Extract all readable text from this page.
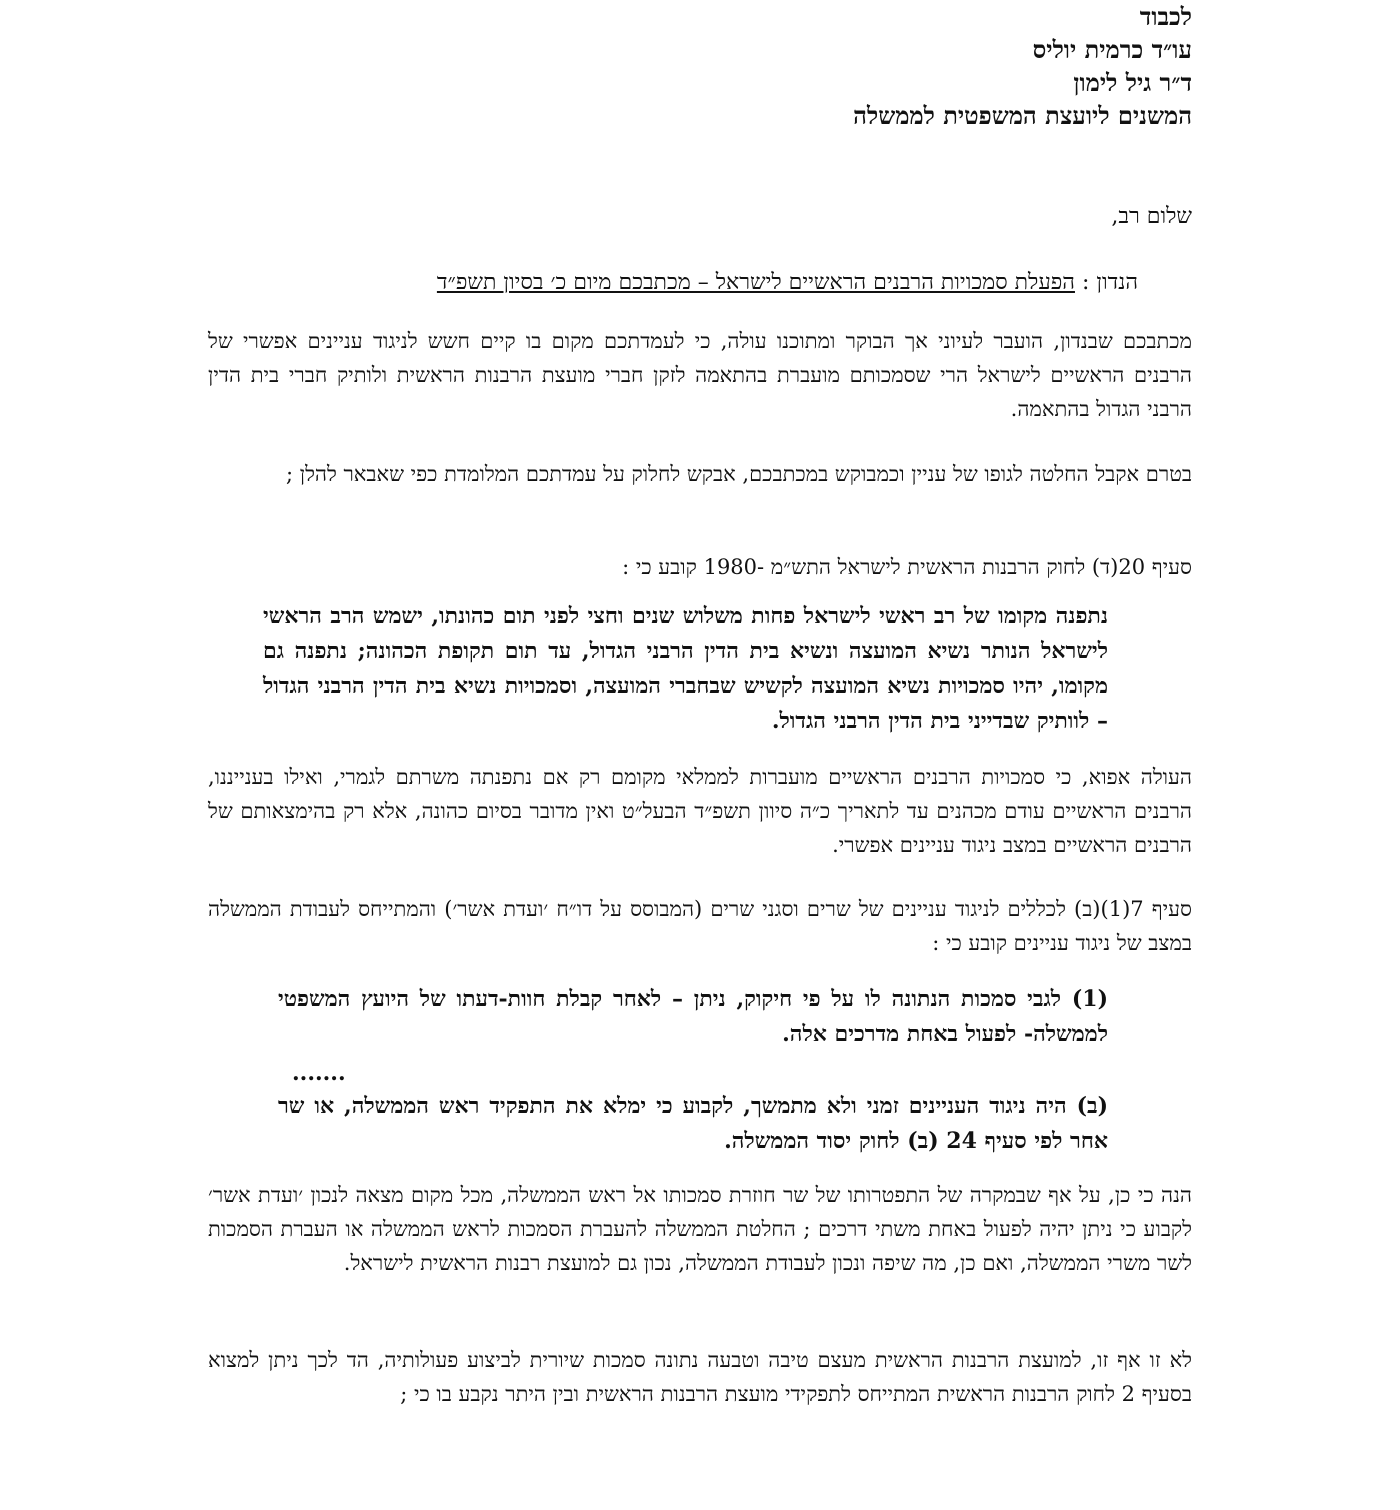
לכבוד
עו״ד כרמית יוליס
ד״ר גיל לימון
המשנים ליועצת המשפטית לממשלה
שלום רב,
הנדון : הפעלת סמכויות הרבנים הראשיים לישראל – מכתבכם מיום כ׳ בסיון תשפ״ד
מכתבכם שבנדון, הועבר לעיוני אך הבוקר ומתוכנו עולה, כי לעמדתכם מקום בו קיים חשש לניגוד עניינים אפשרי של הרבנים הראשיים לישראל הרי שסמכותם מועברת בהתאמה לזקן חברי מועצת הרבנות הראשית ולותיק חברי בית הדין הרבני הגדול בהתאמה.
בטרם אקבל החלטה לגופו של עניין וכמבוקש במכתבכם, אבקש לחלוק על עמדתכם המלומדת כפי שאבאר להלן ;
סעיף 20(ד) לחוק הרבנות הראשית לישראל התש״מ -1980 קובע כי :
נתפנה מקומו של רב ראשי לישראל פחות משלוש שנים וחצי לפני תום כהונתו, ישמש הרב הראשי לישראל הנותר נשיא המועצה ונשיא בית הדין הרבני הגדול, עד תום תקופת הכהונה; נתפנה גם מקומו, יהיו סמכויות נשיא המועצה לקשיש שבחברי המועצה, וסמכויות נשיא בית הדין הרבני הגדול – לוותיק שבדייני בית הדין הרבני הגדול.
העולה אפוא, כי סמכויות הרבנים הראשיים מועברות לממלאי מקומם רק אם נתפנתה משרתם לגמרי, ואילו בענייננו, הרבנים הראשיים עודם מכהנים עד לתאריך כ״ה סיוון תשפ״ד הבעל״ט ואין מדובר בסיום כהונה, אלא רק בהימצאותם של הרבנים הראשיים במצב ניגוד עניינים אפשרי.
סעיף 7(1)(ב) לכללים לניגוד עניינים של שרים וסגני שרים (המבוסס על דו״ח ׳ועדת אשר׳) והמתייחס לעבודת הממשלה במצב של ניגוד עניינים קובע כי :
(1) לגבי סמכות הנתונה לו על פי חיקוק, ניתן – לאחר קבלת חוות-דעתו של היועץ המשפטי לממשלה- לפעול באחת מדרכים אלה.
.......
(ב) היה ניגוד העניינים זמני ולא מתמשך, לקבוע כי ימלא את התפקיד ראש הממשלה, או שר אחר לפי סעיף 24 (ב) לחוק יסוד הממשלה.
הנה כי כן, על אף שבמקרה של התפטרותו של שר חוזרת סמכותו אל ראש הממשלה, מכל מקום מצאה לנכון ׳ועדת אשר׳ לקבוע כי ניתן יהיה לפעול באחת משתי דרכים ; החלטת הממשלה להעברת הסמכות לראש הממשלה או העברת הסמכות לשר משרי הממשלה, ואם כן, מה שיפה ונכון לעבודת הממשלה, נכון גם למועצת רבנות הראשית לישראל.
לא זו אף זו, למועצת הרבנות הראשית מעצם טיבה וטבעה נתונה סמכות שיורית לביצוע פעולותיה, הד לכך ניתן למצוא בסעיף 2 לחוק הרבנות הראשית המתייחס לתפקידי מועצת הרבנות הראשית ובין היתר נקבע בו כי ;
